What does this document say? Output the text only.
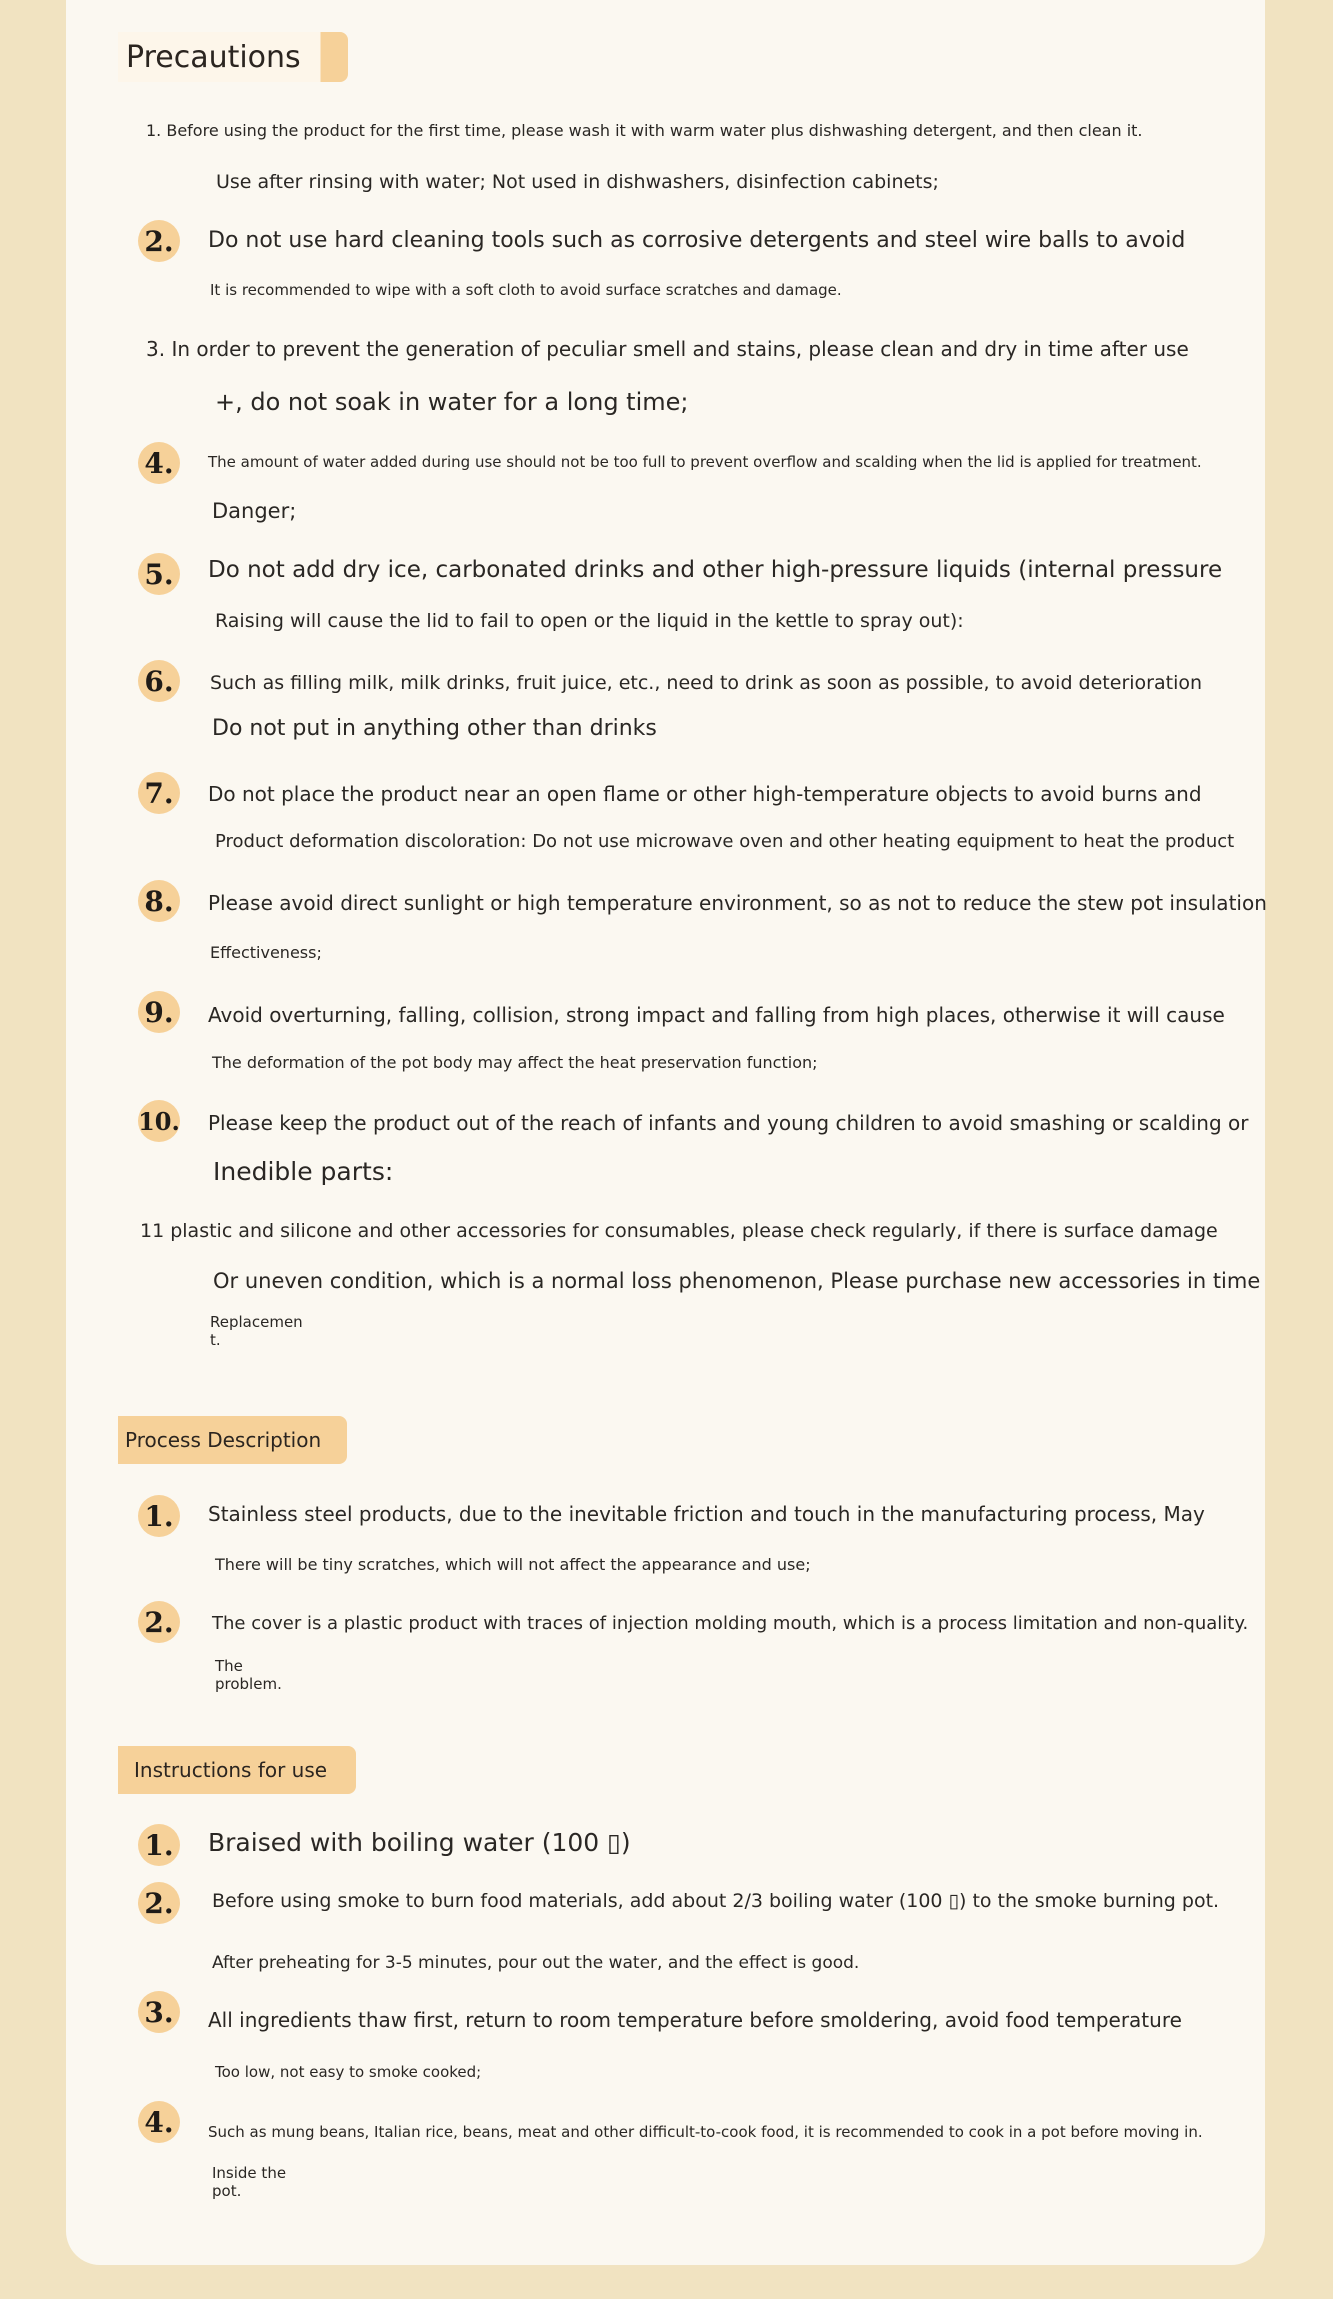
Precautions
1. Before using the product for the first time, please wash it with warm water plus dishwashing detergent, and then clean it.
Use after rinsing with water; Not used in dishwashers, disinfection cabinets;
2. Do not use hard cleaning tools such as corrosive detergents and steel wire balls to avoid
It is recommended to wipe with a soft cloth to avoid surface scratches and damage.
3. In order to prevent the generation of peculiar smell and stains, please clean and dry in time after use
+, do not soak in water for a long time;
4.	The amount of water added during use should not be too full to prevent overflow and scalding when the lid is applied for treatment.
Danger;
5. Do not add dry ice, carbonated drinks and other high-pressure liquids (internal pressure
Raising will cause the lid to fail to open or the liquid in the kettle to spray out):
6.	Such as filling milk, milk drinks, fruit juice, etc., need to drink as soon as possible, to avoid deterioration
Do not put in anything other than drinks
7.	Do not place the product near an open flame or other high-temperature objects to avoid burns and
Product deformation discoloration: Do not use microwave oven and other heating equipment to heat the product
8.	Please avoid direct sunlight or high temperature environment, so as not to reduce the stew pot insulation
Effectiveness;
9.	Avoid overturning, falling, collision, strong impact and falling from high places, otherwise it will cause
The deformation of the pot body may affect the heat preservation function;
10. Please keep the product out of the reach of infants and young children to avoid smashing or scalding or
Inedible parts:
11 plastic and silicone and other accessories for consumables, please check regularly, if there is surface damage
Or uneven condition, which is a normal loss phenomenon, Please purchase new accessories in time
Replacemen t.
Process Description
1.	Stainless steel products, due to the inevitable friction and touch in the manufacturing process, May
There will be tiny scratches, which will not affect the appearance and use;
2.	The cover is a plastic product with traces of injection molding mouth, which is a process limitation and non-quality.
The problem.
Instructions for use
1. Braised with boiling water (100 ▯)
2.	Before using smoke to burn food materials, add about 2/3 boiling water (100 ▯) to the smoke burning pot.
After preheating for 3-5 minutes, pour out the water, and the effect is good.
3.	All ingredients thaw first, return to room temperature before smoldering, avoid food temperature
Too low, not easy to smoke cooked;
4.	Such as mung beans, Italian rice, beans, meat and other difficult-to-cook food, it is recommended to cook in a pot before moving in.
Inside the pot.
